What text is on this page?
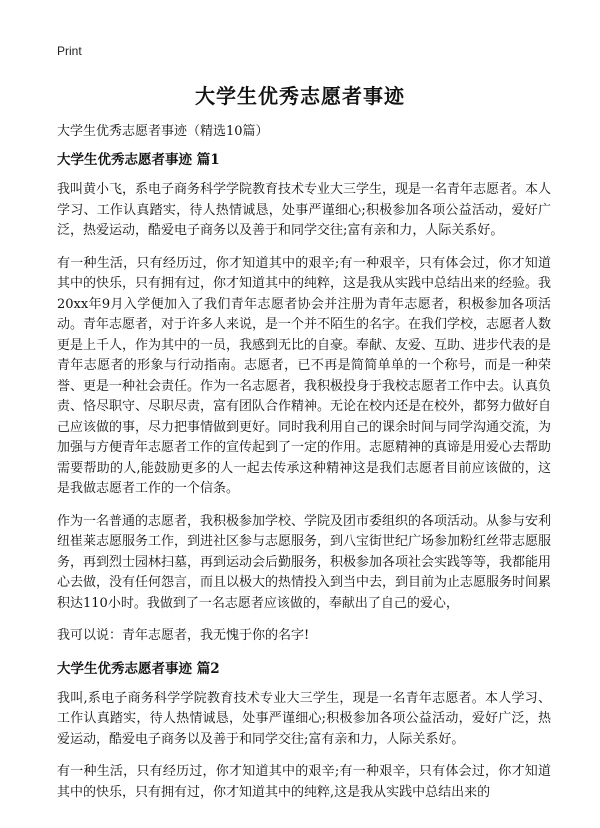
Print
大学生优秀志愿者事迹

大学生优秀志愿者事迹（精选10篇）

大学生优秀志愿者事迹 篇1

我叫黄小飞，系电子商务科学学院教育技术专业大三学生，现是一名青年志愿者。本人学习、工作认真踏实，待人热情诚恳，处事严谨细心;积极参加各项公益活动，爱好广泛，热爱运动，酷爱电子商务以及善于和同学交往;富有亲和力，人际关系好。

有一种生活，只有经历过，你才知道其中的艰辛;有一种艰辛，只有体会过，你才知道其中的快乐，只有拥有过，你才知道其中的纯粹，这是我从实践中总结出来的经验。我20xx年9月入学便加入了我们青年志愿者协会并注册为青年志愿者，积极参加各项活动。青年志愿者，对于许多人来说，是一个并不陌生的名字。在我们学校，志愿者人数更是上千人，作为其中的一员，我感到无比的自豪。奉献、友爱、互助、进步代表的是青年志愿者的形象与行动指南。志愿者，已不再是简简单单的一个称号，而是一种荣誉、更是一种社会责任。作为一名志愿者，我积极投身于我校志愿者工作中去。认真负责、恪尽职守、尽职尽责，富有团队合作精神。无论在校内还是在校外，都努力做好自己应该做的事，尽力把事情做到更好。同时我利用自己的课余时间与同学沟通交流，为加强与方便青年志愿者工作的宣传起到了一定的作用。志愿精神的真谛是用爱心去帮助需要帮助的人,能鼓励更多的人一起去传承这种精神这是我们志愿者目前应该做的，这是我做志愿者工作的一个信条。

作为一名普通的志愿者，我积极参加学校、学院及团市委组织的各项活动。从参与安利纽崔莱志愿服务工作，到进社区参与志愿服务，到八宝街世纪广场参加粉红丝带志愿服务，再到烈士园林扫墓，再到运动会后勤服务，积极参加各项社会实践等等，我都能用心去做，没有任何怨言，而且以极大的热情投入到当中去，到目前为止志愿服务时间累积达110小时。我做到了一名志愿者应该做的，奉献出了自己的爱心，

我可以说：青年志愿者，我无愧于你的名字!

大学生优秀志愿者事迹 篇2

我叫,系电子商务科学学院教育技术专业大三学生，现是一名青年志愿者。本人学习、工作认真踏实，待人热情诚恳，处事严谨细心;积极参加各项公益活动，爱好广泛，热爱运动，酷爱电子商务以及善于和同学交往;富有亲和力，人际关系好。

有一种生活，只有经历过，你才知道其中的艰辛;有一种艰辛，只有体会过，你才知道其中的快乐，只有拥有过，你才知道其中的纯粹,这是我从实践中总结出来的
